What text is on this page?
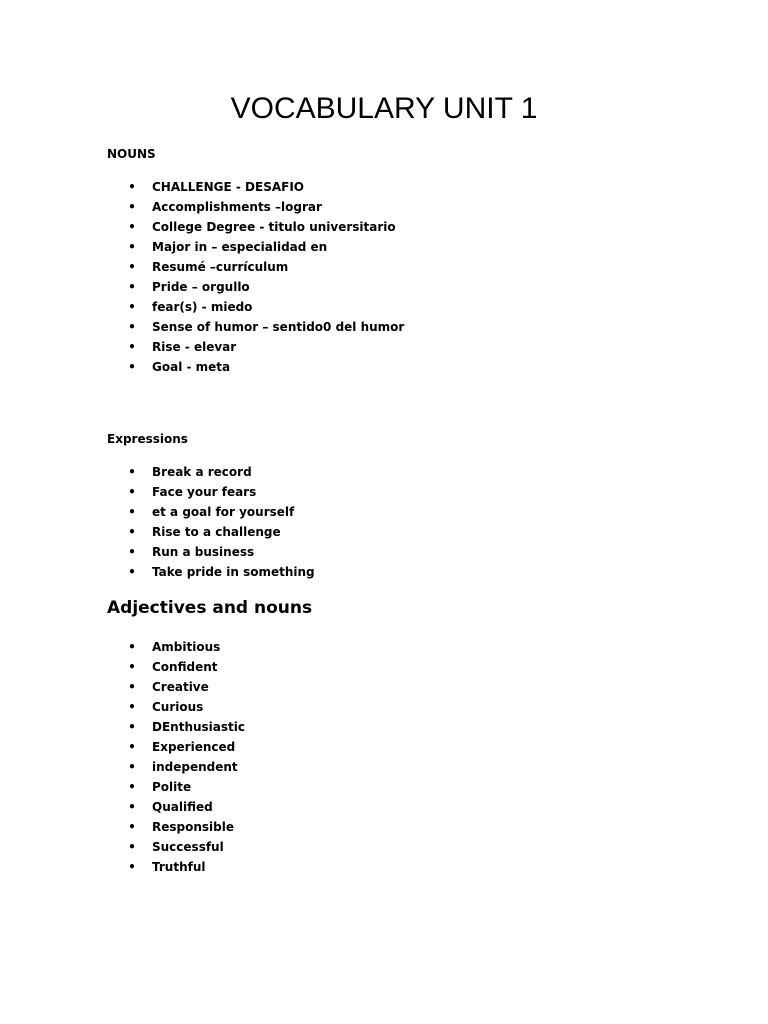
VOCABULARY UNIT 1

NOUNS

• CHALLENGE - DESAFIO
• Accomplishments –lograr
• College Degree - titulo universitario
• Major in – especialidad en
• Resumé –currículum
• Pride – orgullo
• fear(s) - miedo
• Sense of humor – sentido0 del humor
• Rise - elevar
• Goal - meta

Expressions

• Break a record
• Face your fears
• et a goal for yourself
• Rise to a challenge
• Run a business
• Take pride in something
Adjectives and nouns
• Ambitious
• Confident
• Creative
• Curious
• DEnthusiastic
• Experienced
• independent
• Polite
• Qualified
• Responsible
• Successful
• Truthful
